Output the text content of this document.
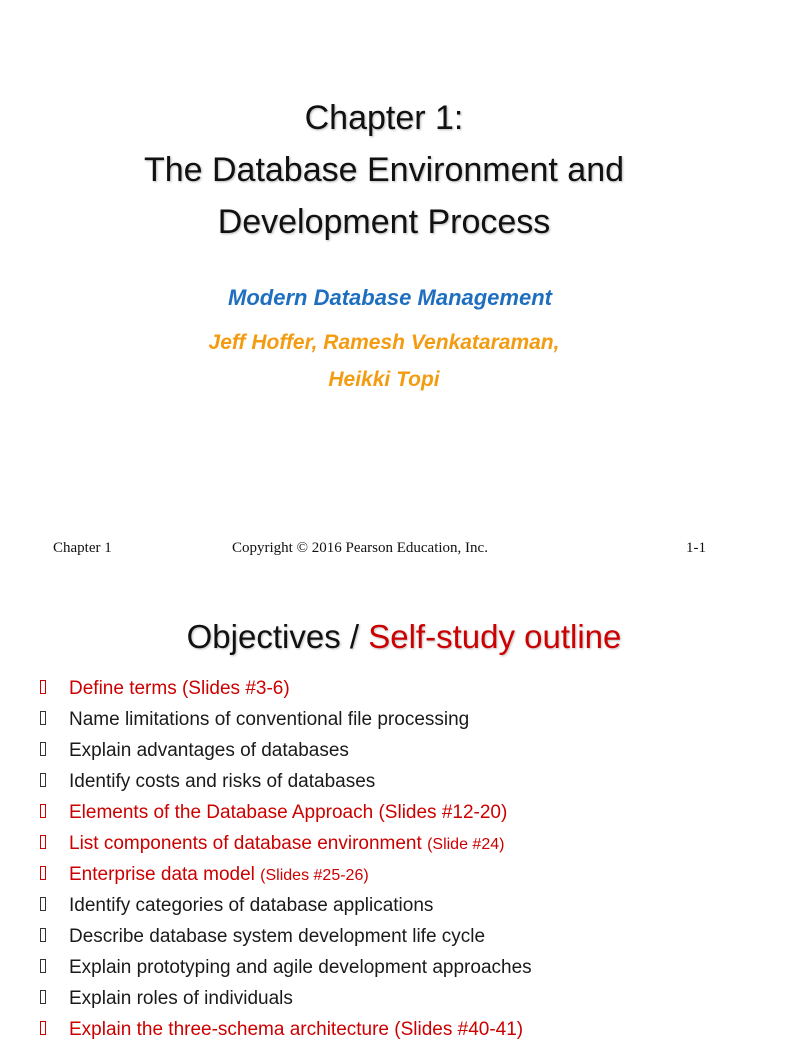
Chapter 1:
The Database Environment and
Development Process
Modern Database Management
Jeff Hoffer, Ramesh Venkataraman,
Heikki Topi
Chapter 1	Copyright © 2016 Pearson Education, Inc.	1-1
Objectives / Self-study outline
Define terms (Slides #3-6)
Name limitations of conventional file processing
Explain advantages of databases
Identify costs and risks of databases
Elements of the Database Approach (Slides #12-20)
List components of database environment (Slide #24)
Enterprise data model (Slides #25-26)
Identify categories of database applications
Describe database system development life cycle
Explain prototyping and agile development approaches
Explain roles of individuals
Explain the three-schema architecture (Slides #40-41)
